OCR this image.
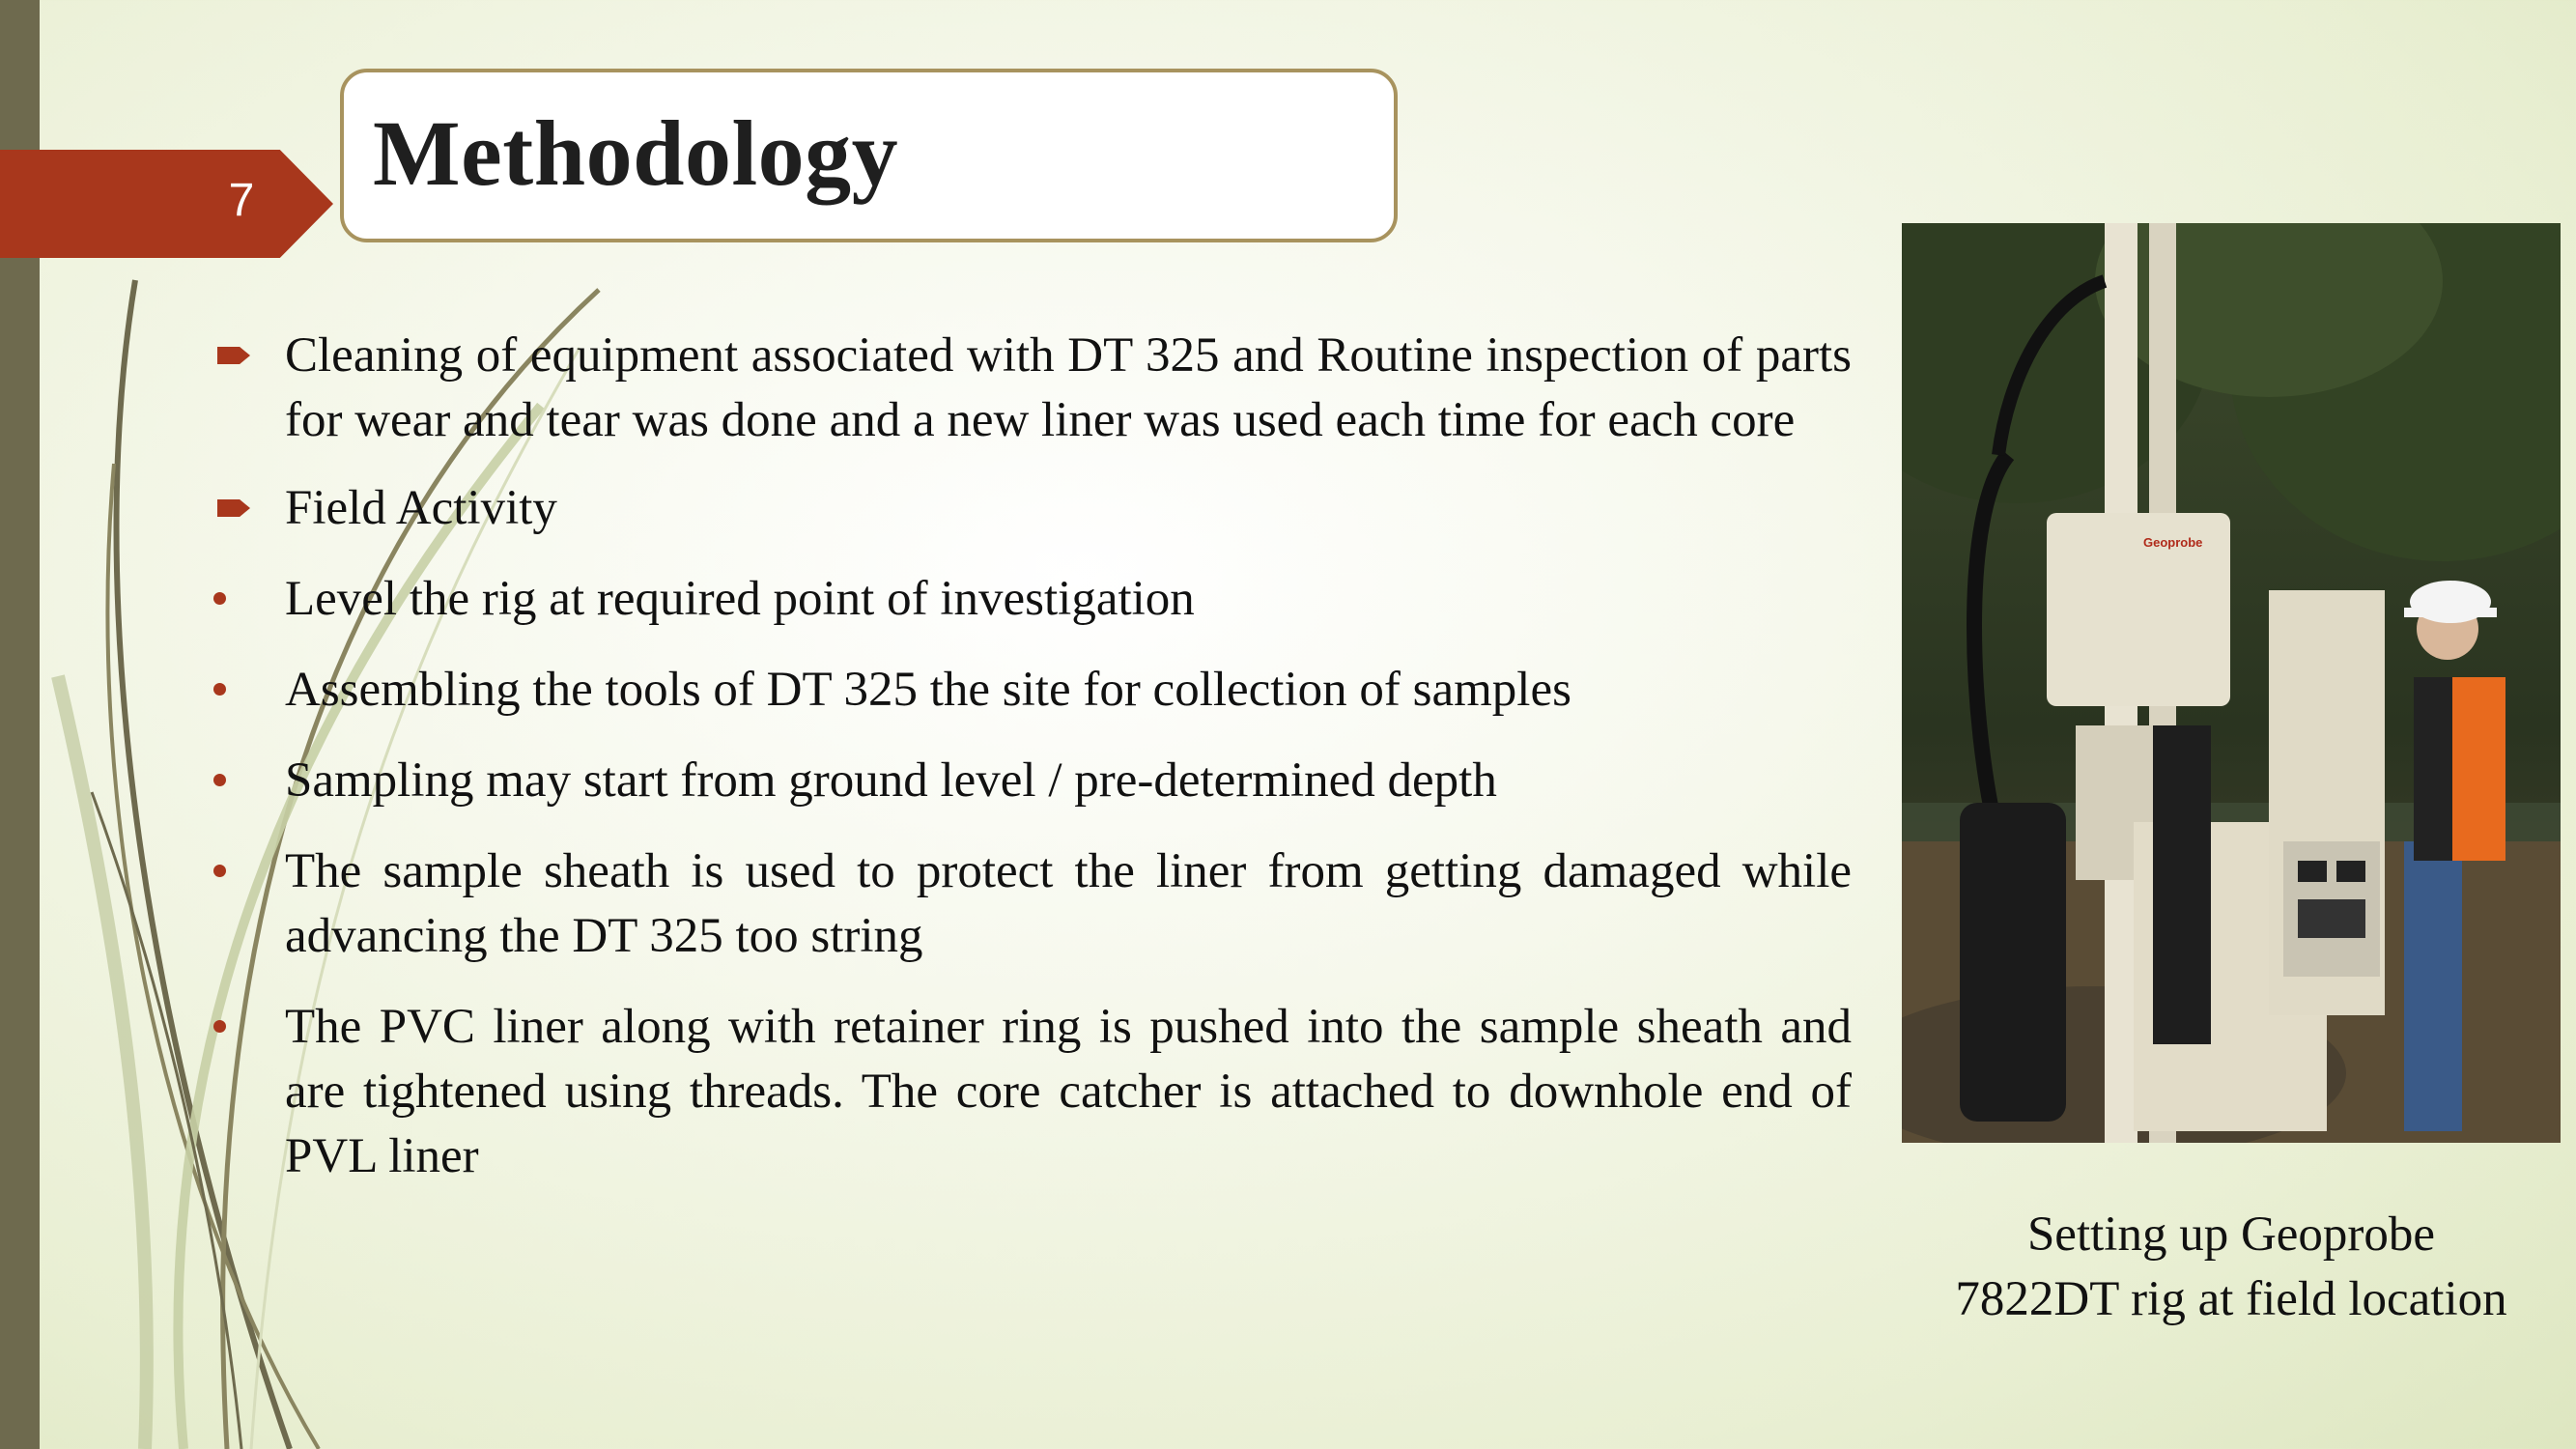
7 Methodology
Cleaning of equipment associated with DT 325 and Routine inspection of parts for wear and tear was done and a new liner was used each time for each core
Field Activity
Level the rig at required point of investigation
Assembling the tools of DT 325 the site for collection of samples
Sampling may start from ground level / pre-determined depth
The sample sheath is used to protect the liner from getting damaged while advancing the DT 325 too string
The PVC liner along with retainer ring is pushed into the sample sheath and are tightened using threads. The core catcher is attached to downhole end of PVL liner
Geoprobe
Setting up Geoprobe
7822DT rig at field location
